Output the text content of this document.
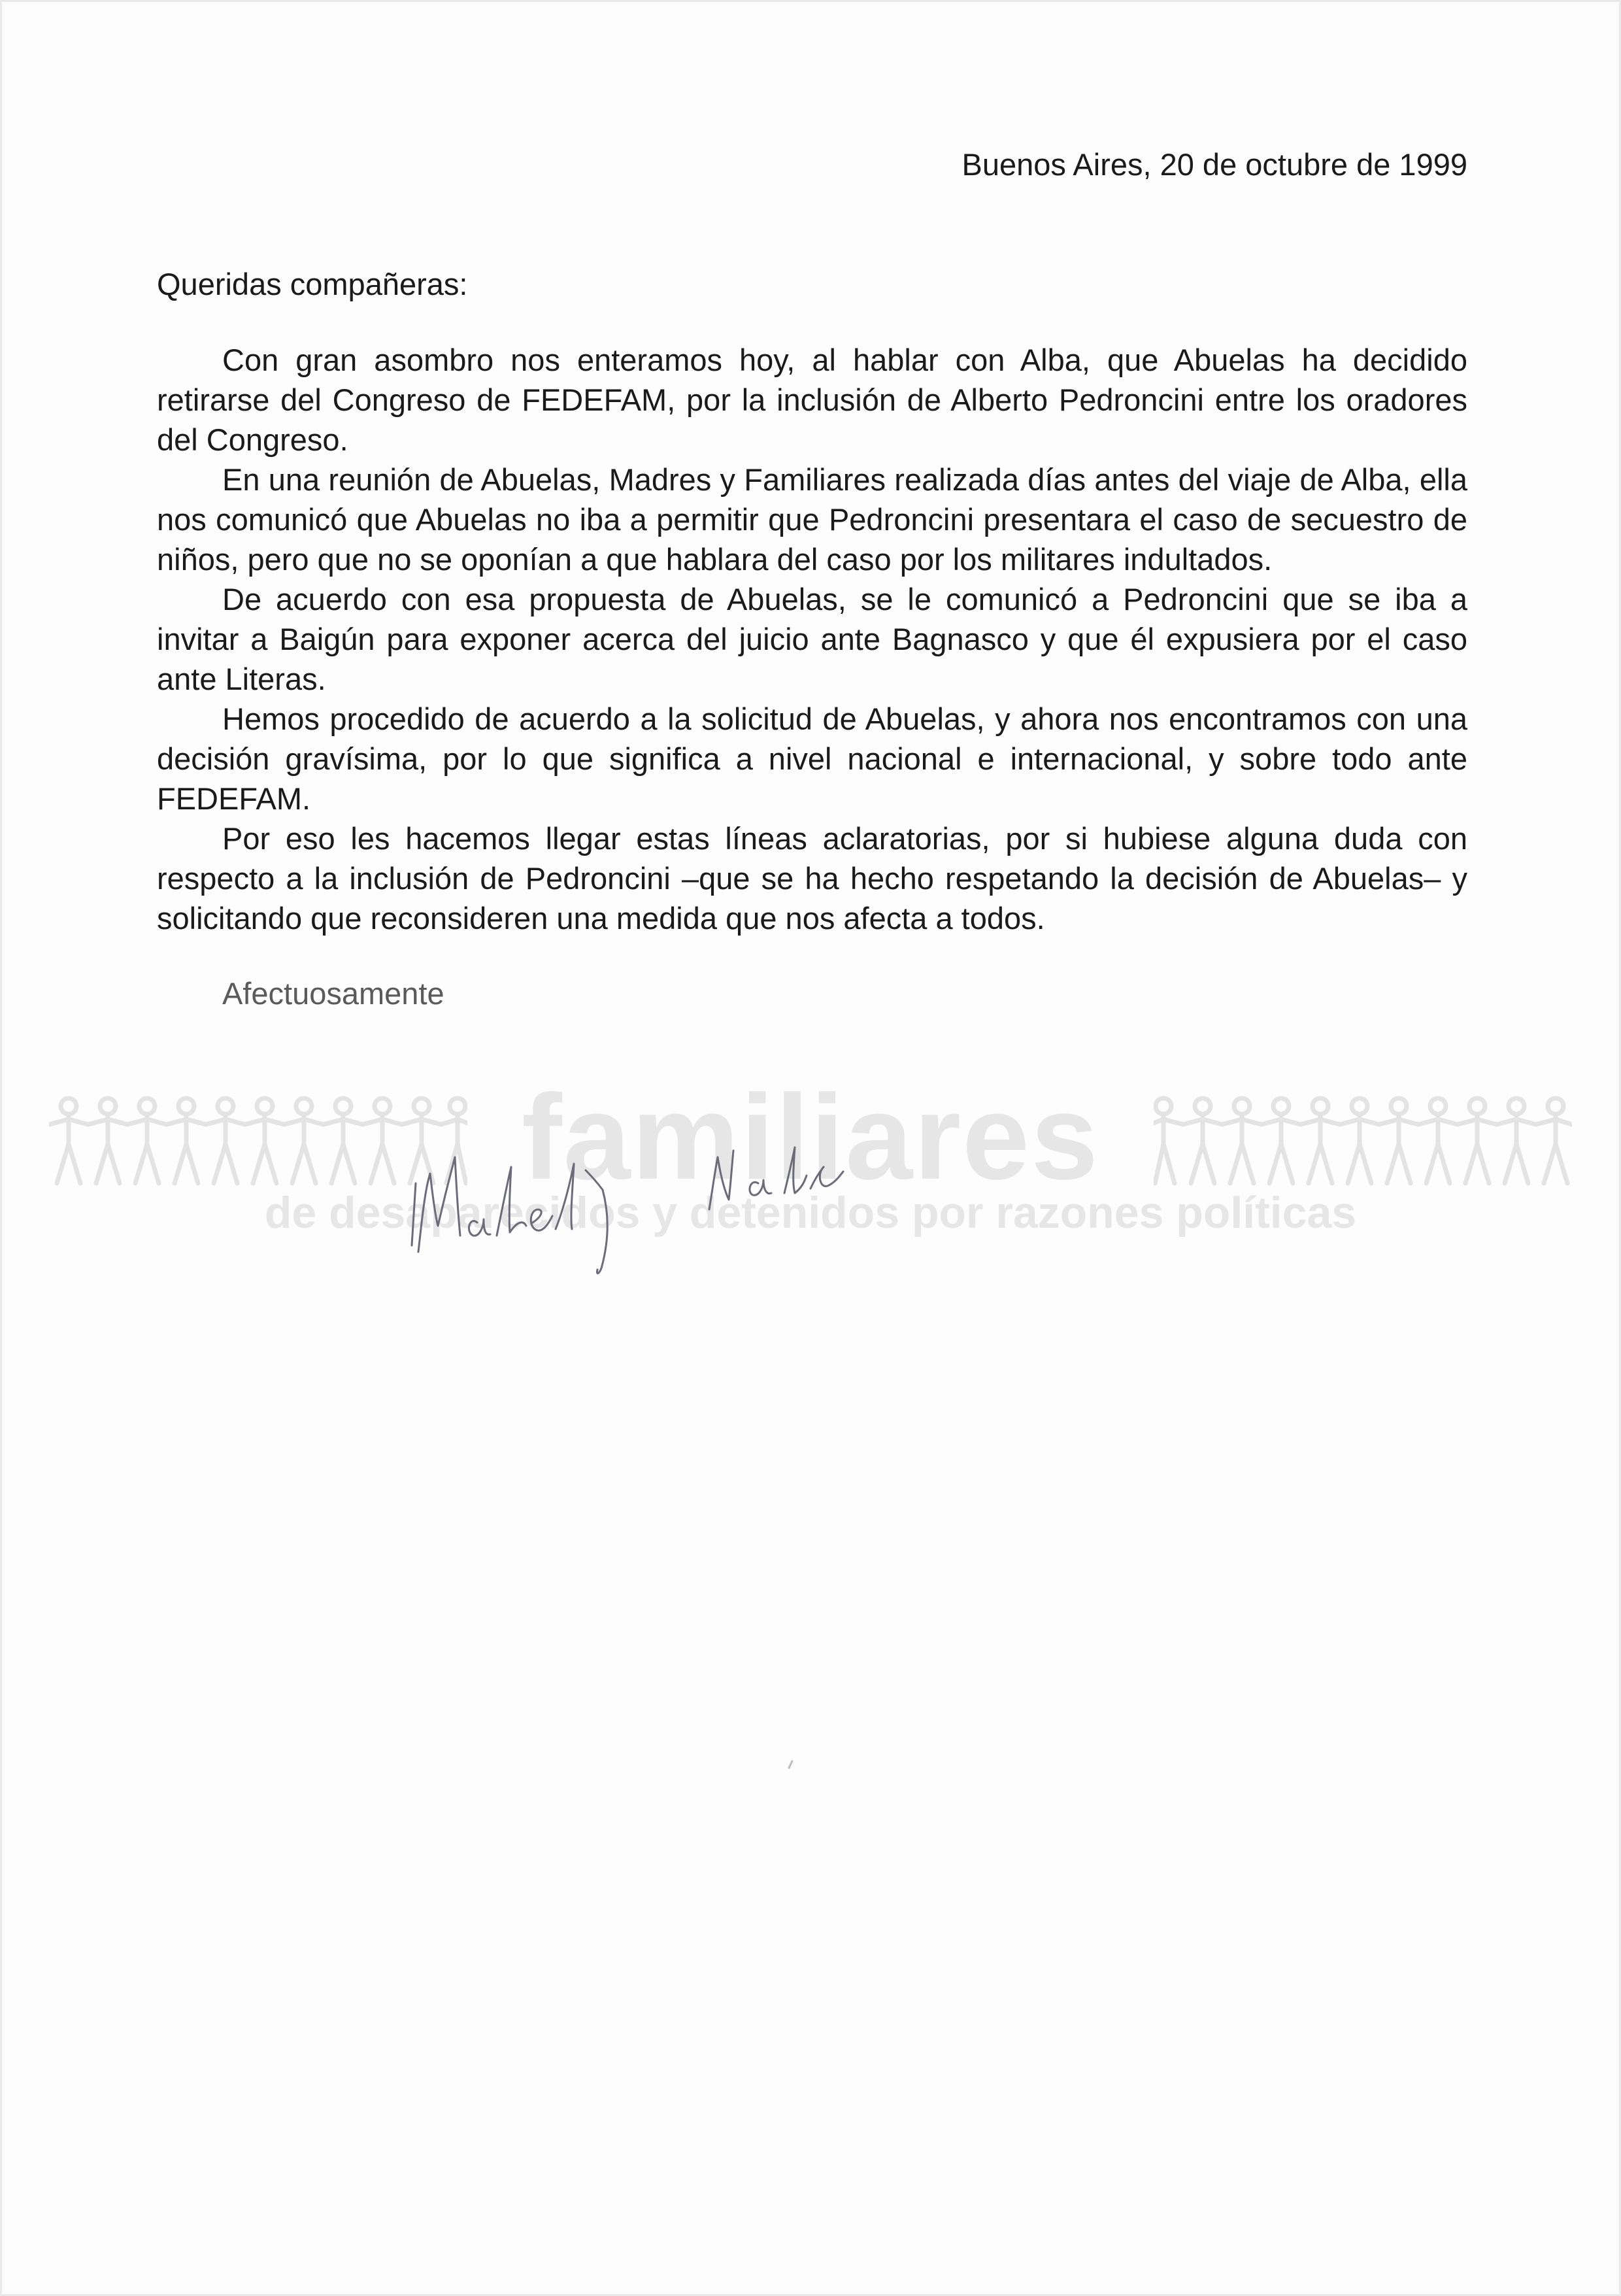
Buenos Aires, 20 de octubre de 1999
Queridas compañeras:

Con gran asombro nos enteramos hoy, al hablar con Alba, que Abuelas ha decidido retirarse del Congreso de FEDEFAM, por la inclusión de Alberto Pedroncini entre los oradores del Congreso.

En una reunión de Abuelas, Madres y Familiares realizada días antes del viaje de Alba, ella nos comunicó que Abuelas no iba a permitir que Pedroncini presentara el caso de secuestro de niños, pero que no se oponían a que hablara del caso por los militares indultados.

De acuerdo con esa propuesta de Abuelas, se le comunicó a Pedroncini que se iba a invitar a Baigún para exponer acerca del juicio ante Bagnasco y que él expusiera por el caso ante Literas.

Hemos procedido de acuerdo a la solicitud de Abuelas, y ahora nos encontramos con una decisión gravísima, por lo que significa a nivel nacional e internacional, y sobre todo ante FEDEFAM.

Por eso les hacemos llegar estas líneas aclaratorias, por si hubiese alguna duda con respecto a la inclusión de Pedroncini –que se ha hecho respetando la decisión de Abuelas– y solicitando que reconsideren una medida que nos afecta a todos.

Afectuosamente
familiares
de desaparecidos y detenidos por razones políticas
